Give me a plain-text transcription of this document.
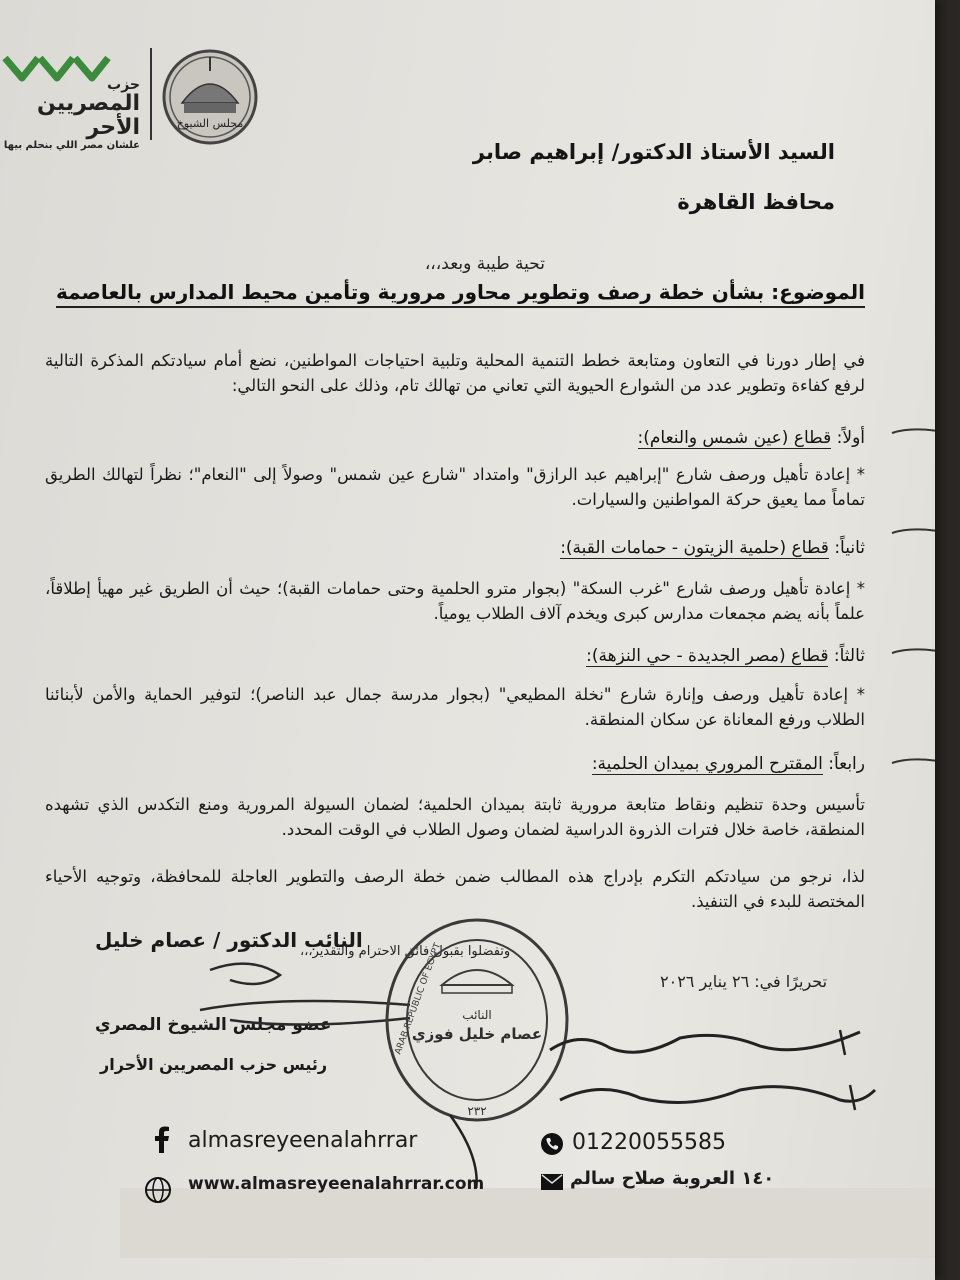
حزب
المصريين الأحر
علشان مصر اللي بنحلم بيها
مجلس الشيوخ
السيد الأستاذ الدكتور/ إبراهيم صابر
محافظ القاهرة
تحية طيبة وبعد،،،
الموضوع: بشأن خطة رصف وتطوير محاور مرورية وتأمين محيط المدارس بالعاصمة
في إطار دورنا في التعاون ومتابعة خطط التنمية المحلية وتلبية احتياجات المواطنين، نضع أمام سيادتكم المذكرة التالية لرفع كفاءة وتطوير عدد من الشوارع الحيوية التي تعاني من تهالك تام، وذلك على النحو التالي:
أولاً: قطاع (عين شمس والنعام):
* إعادة تأهيل ورصف شارع "إبراهيم عبد الرازق" وامتداد "شارع عين شمس" وصولاً إلى "النعام"؛ نظراً لتهالك الطريق تماماً مما يعيق حركة المواطنين والسيارات.
ثانياً: قطاع (حلمية الزيتون - حمامات القبة):
* إعادة تأهيل ورصف شارع "غرب السكة" (بجوار مترو الحلمية وحتى حمامات القبة)؛ حيث أن الطريق غير مهيأ إطلاقاً، علماً بأنه يضم مجمعات مدارس كبرى ويخدم آلاف الطلاب يومياً.
ثالثاً: قطاع (مصر الجديدة - حي النزهة):
* إعادة تأهيل ورصف وإنارة شارع "نخلة المطيعي" (بجوار مدرسة جمال عبد الناصر)؛ لتوفير الحماية والأمن لأبنائنا الطلاب ورفع المعاناة عن سكان المنطقة.
رابعاً: المقترح المروري بميدان الحلمية:
تأسيس وحدة تنظيم ونقاط متابعة مرورية ثابتة بميدان الحلمية؛ لضمان السيولة المرورية ومنع التكدس الذي تشهده المنطقة، خاصة خلال فترات الذروة الدراسية لضمان وصول الطلاب في الوقت المحدد.
لذا، نرجو من سيادتكم التكرم بإدراج هذه المطالب ضمن خطة الرصف والتطوير العاجلة للمحافظة، وتوجيه الأحياء المختصة للبدء في التنفيذ.
النائب الدكتور / عصام خليل
وتفضلوا بقبول فائق الاحترام والتقدير،،،
تحريرًا في: ٢٦ يناير ٢٠٢٦
عضو مجلس الشيوخ المصري
رئيس حزب المصريين الأحرار
ARAB REPUBLIC OF EGYPT النائب
عصام خليل فوزي
٢٣٢
almasreyeenalahrrar
www.almasreyeenalahrrar.com
01220055585
١٤٠ العروبة صلاح سالم
